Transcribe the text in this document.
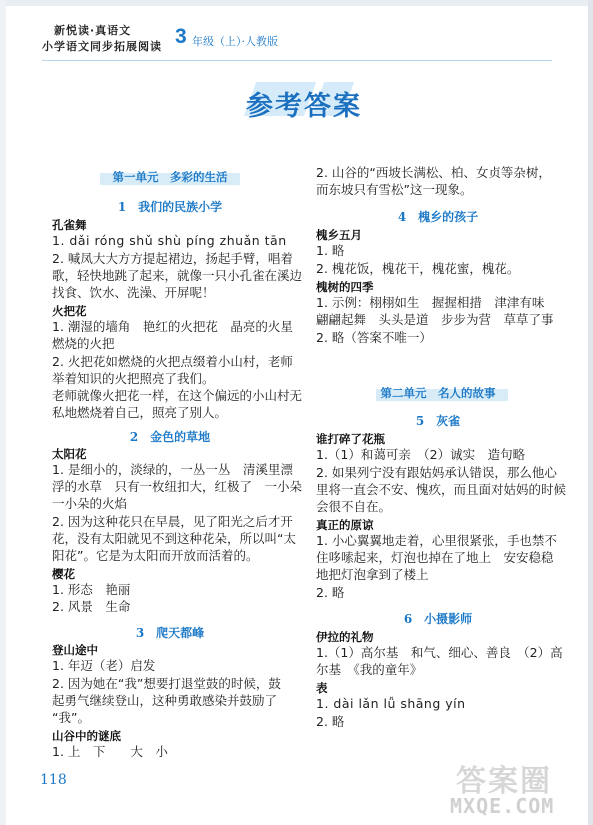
新悦读·真语文
小学语文同步拓展阅读 3 年级（上）·人教版
参考答案
第一单元　多彩的生活
1　我们的民族小学
孔雀舞
1. dǎi róng shǔ shù píng zhuǎn tān
2. 喊凤大大方方提起裙边，扬起手臂，唱着
歌，轻快地跳了起来，就像一只小孔雀在溪边
找食、饮水、洗澡、开屏呢！
火把花
1. 潮湿的墙角　艳红的火把花　晶亮的火星
燃烧的火把
2. 火把花如燃烧的火把点缀着小山村，老师
举着知识的火把照亮了我们。
老师就像火把花一样，在这个偏远的小山村无
私地燃烧着自己，照亮了别人。
2　金色的草地
太阳花
1. 是细小的，淡绿的，一丛一丛　清溪里漂
浮的水草　只有一枚纽扣大，红极了　一小朵
一小朵的火焰
2. 因为这种花只在早晨，见了阳光之后才开
花，没有太阳就见不到这种花朵，所以叫“太
阳花”。它是为太阳而开放而活着的。
樱花
1. 形态　艳丽
2. 风景　生命
3　爬天都峰
登山途中
1. 年迈（老）启发
2. 因为她在“我”想要打退堂鼓的时候，鼓
起勇气继续登山，这种勇敢感染并鼓励了
“我”。
山谷中的谜底
1. 上　下　　大　小
2. 山谷的“西坡长满松、柏、女贞等杂树，
而东坡只有雪松”这一现象。
4　槐乡的孩子
槐乡五月
1. 略
2. 槐花饭，槐花干，槐花蜜，槐花。
槐树的四季
1. 示例：栩栩如生　握握相措　津津有味
翩翩起舞　头头是道　步步为营　草草了事
2. 略（答案不唯一）
第二单元　名人的故事
5　灰雀
谁打碎了花瓶
1.（1）和蔼可亲　（2）诚实　造句略
2. 如果列宁没有跟姑妈承认错误，那么他心
里将一直会不安、愧疚，而且面对姑妈的时候
会很不自在。
真正的原谅
1. 小心翼翼地走着，心里很紧张，手也禁不
住哆嗦起来，灯泡也掉在了地上　安安稳稳
地把灯泡拿到了楼上
2. 略
6　小摄影师
伊拉的礼物
1.（1）高尔基　和气、细心、善良　（2）高
尔基　《我的童年》
表
1. dài lǎn lǚ shāng yín
2. 略
118	答案圈
MXQE.COM
